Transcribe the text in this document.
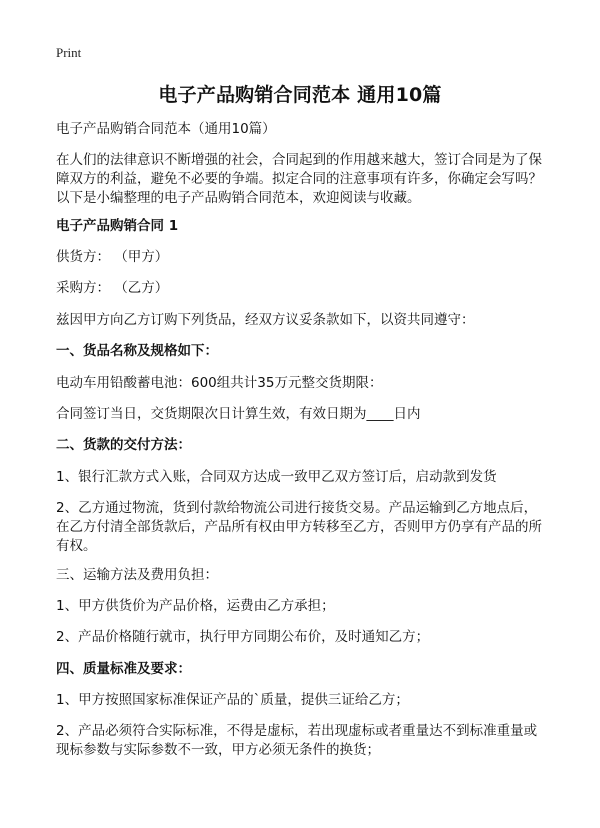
Print
电子产品购销合同范本 通用10篇
电子产品购销合同范本（通用10篇）
在人们的法律意识不断增强的社会，合同起到的作用越来越大，签订合同是为了保障双方的利益，避免不必要的争端。拟定合同的注意事项有许多，你确定会写吗？以下是小编整理的电子产品购销合同范本，欢迎阅读与收藏。
电子产品购销合同 1
供货方： （甲方）
采购方： （乙方）
兹因甲方向乙方订购下列货品，经双方议妥条款如下，以资共同遵守：
一、货品名称及规格如下：
电动车用铅酸蓄电池：600组共计35万元整交货期限：
合同签订当日，交货期限次日计算生效，有效日期为____日内
二、货款的交付方法：
1、银行汇款方式入账，合同双方达成一致甲乙双方签订后，启动款到发货
2、乙方通过物流，货到付款给物流公司进行接货交易。产品运输到乙方地点后，在乙方付清全部货款后，产品所有权由甲方转移至乙方，否则甲方仍享有产品的所有权。
三、运输方法及费用负担：
1、甲方供货价为产品价格，运费由乙方承担；
2、产品价格随行就市，执行甲方同期公布价，及时通知乙方；
四、质量标准及要求：
1、甲方按照国家标准保证产品的`质量，提供三证给乙方；
2、产品必须符合实际标准，不得是虚标，若出现虚标或者重量达不到标准重量或现标参数与实际参数不一致，甲方必须无条件的换货；
